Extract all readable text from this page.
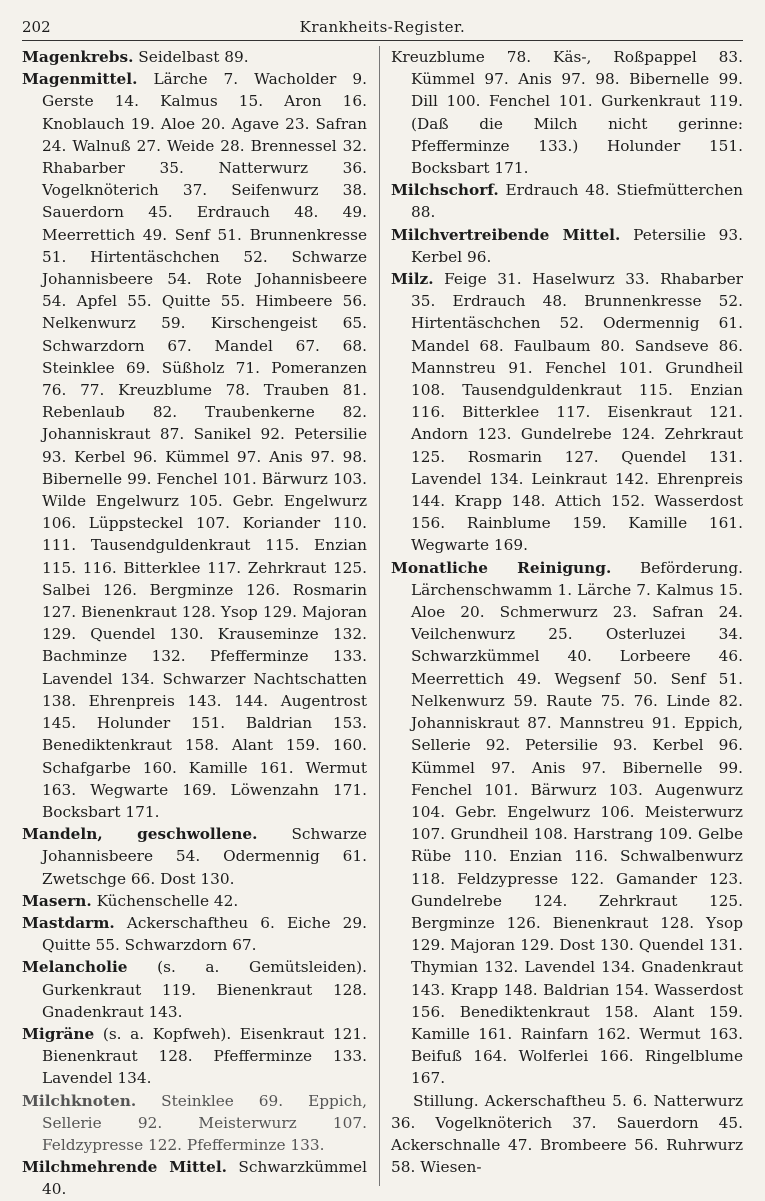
202	Krankheits-Register.

Magenkrebs. Seidelbast 89.

Magenmittel. Lärche 7. Wacholder 9. Gerste 14. Kalmus 15. Aron 16. Knoblauch 19. Aloe 20. Agave 23. Safran 24. Walnuß 27. Weide 28. Brennessel 32. Rhabarber 35. Natterwurz 36. Vogelknöterich 37. Seifenwurz 38. Sauerdorn 45. Erdrauch 48. 49. Meerrettich 49. Senf 51. Brunnenkresse 51. Hirtentäschchen 52. Schwarze Johannisbeere 54. Rote Johannisbeere 54. Apfel 55. Quitte 55. Himbeere 56. Nelkenwurz 59. Kirschengeist 65. Schwarzdorn 67. Mandel 67. 68. Steinklee 69. Süßholz 71. Pomeranzen 76. 77. Kreuzblume 78. Trauben 81. Rebenlaub 82. Traubenkerne 82. Johanniskraut 87. Sanikel 92. Petersilie 93. Kerbel 96. Kümmel 97. Anis 97. 98. Bibernelle 99. Fenchel 101. Bärwurz 103. Wilde Engelwurz 105. Gebr. Engelwurz 106. Lüppsteckel 107. Koriander 110. 111. Tausendguldenkraut 115. Enzian 115. 116. Bitterklee 117. Zehrkraut 125. Salbei 126. Bergminze 126. Rosmarin 127. Bienenkraut 128. Ysop 129. Majoran 129. Quendel 130. Krauseminze 132. Bachminze 132. Pfefferminze 133. Lavendel 134. Schwarzer Nachtschatten 138. Ehrenpreis 143. 144. Augentrost 145. Holunder 151. Baldrian 153. Benediktenkraut 158. Alant 159. 160. Schafgarbe 160. Kamille 161. Wermut 163. Wegwarte 169. Löwenzahn 171. Bocksbart 171.

Mandeln, geschwollene. Schwarze Johannisbeere 54. Odermennig 61. Zwetschge 66. Dost 130.

Masern. Küchenschelle 42.

Mastdarm. Ackerschafthеu 6. Eiche 29. Quitte 55. Schwarzdorn 67.

Melancholie (s. a. Gemütsleiden). Gurkenkraut 119. Bienenkraut 128. Gnadenkraut 143.

Migräne (s. a. Kopfweh). Eisenkraut 121. Bienenkraut 128. Pfefferminze 133. Lavendel 134.

Milchknoten. Steinklee 69. Eppich, Sellerie 92. Meisterwurz 107. Feldzypresse 122. Pfefferminze 133.

Milchmehrende Mittel. Schwarzkümmel 40.

Kreuzblume 78. Käs-, Roßpappel 83. Kümmel 97. Anis 97. 98. Bibernelle 99. Dill 100. Fenchel 101. Gurkenkraut 119. (Daß die Milch nicht gerinne: Pfefferminze 133.) Holunder 151. Bocksbart 171.

Milchschorf. Erdrauch 48. Stiefmütterchen 88.

Milchvertreibende Mittel. Petersilie 93. Kerbel 96.

Milz. Feige 31. Haselwurz 33. Rhabarber 35. Erdrauch 48. Brunnenkresse 52. Hirtentäschchen 52. Odermennig 61. Mandel 68. Faulbaum 80. Sandsеve 86. Mannstreu 91. Fenchel 101. Grundheil 108. Tausendguldenkraut 115. Enzian 116. Bitterklee 117. Eisenkraut 121. Andorn 123. Gundelrebe 124. Zehrkraut 125. Rosmarin 127. Quendel 131. Lavendel 134. Leinkraut 142. Ehrenpreis 144. Krapp 148. Attich 152. Wasserdost 156. Rainblume 159. Kamille 161. Wegwarte 169.

Monatliche Reinigung. Beförderung. Lärchenschwamm 1. Lärche 7. Kalmus 15. Aloe 20. Schmerwurz 23. Safran 24. Veilchenwurz 25. Osterluzei 34. Schwarzkümmel 40. Lorbeere 46. Meerrettich 49. Wegsenf 50. Senf 51. Nelkenwurz 59. Raute 75. 76. Linde 82. Johanniskraut 87. Mannstreu 91. Eppich, Sellerie 92. Petersilie 93. Kerbel 96. Kümmel 97. Anis 97. Bibernelle 99. Fenchel 101. Bärwurz 103. Augenwurz 104. Gebr. Engelwurz 106. Meisterwurz 107. Grundheil 108. Harstrang 109. Gelbe Rübe 110. Enzian 116. Schwalbenwurz 118. Feldzypresse 122. Gamander 123. Gundelrebe 124. Zehrkraut 125. Bergminze 126. Bienenkraut 128. Ysop 129. Majoran 129. Dost 130. Quendel 131. Thymian 132. Lavendel 134. Gnadenkraut 143. Krapp 148. Baldrian 154. Wasserdost 156. Benediktenkraut 158. Alant 159. Kamille 161. Rainfarn 162. Wermut 163. Beifuß 164. Wolferlei 166. Ringelblume 167.

Stillung. Ackerschafthеu 5. 6. Natterwurz 36. Vogelknöterich 37. Sauerdorn 45. Ackerschnalle 47. Brombeere 56. Ruhrwurz 58. Wiesen-
